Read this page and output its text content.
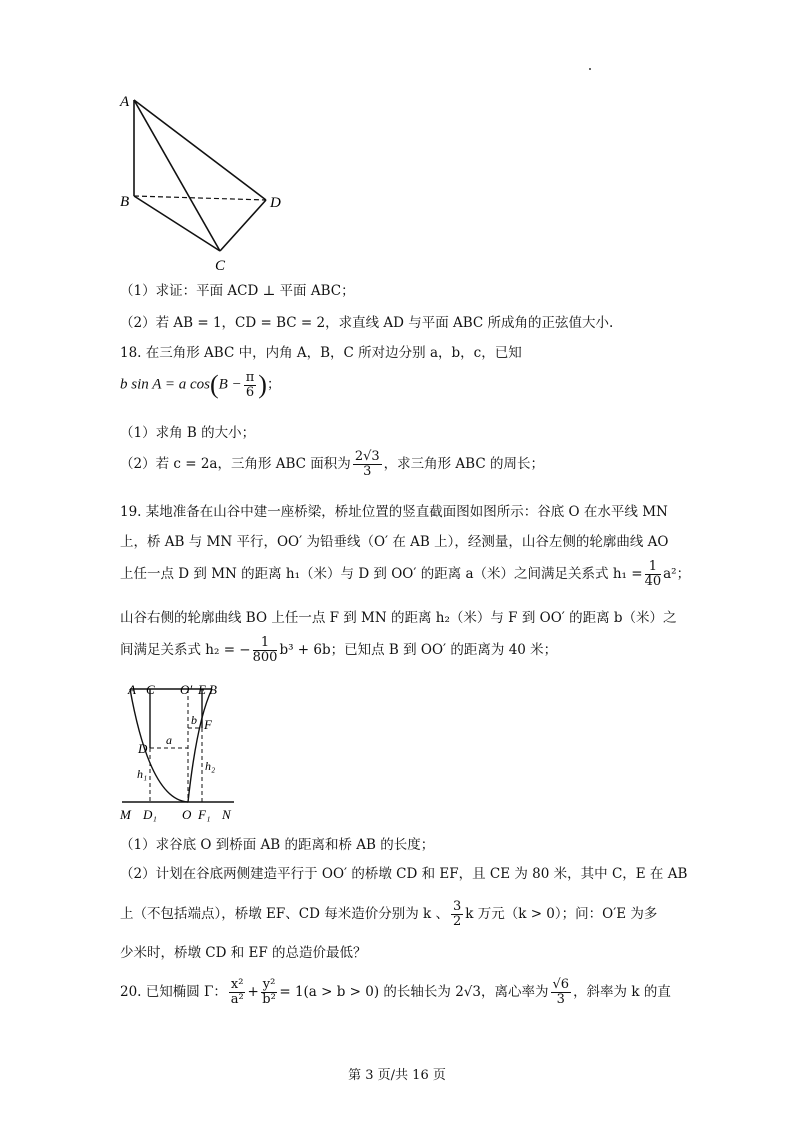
A
B
C
D
（1）求证：平面 ACD ⊥ 平面 ABC；
（2）若 AB = 1，CD = BC = 2，求直线 AD 与平面 ABC 所成角的正弦值大小.
18. 在三角形 ABC 中，内角 A，B，C 所对边分别 a，b，c，已知
b sin A = a $\cos(B - \frac{\pi}{6}$ )；
（1）求角 B 的大小；
（2）若 c = 2a，三角形 ABC 面积为 $\frac{2√3}{3}$ ，求三角形 ABC 的周长；
19. 某地准备在山谷中建一座桥梁，桥址位置的竖直截面图如图所示：谷底 O 在水平线 MN
上，桥 AB 与 MN 平行，OO′ 为铅垂线（O′ 在 AB 上），经测量，山谷左侧的轮廓曲线 AO
上任一点 D 到 MN 的距离 h₁（米）与 D 到 OO′ 的距离 a（米）之间满足关系式 $h_1 = \frac{1}{40} a^2$；
山谷右侧的轮廓曲线 BO 上任一点 F 到 MN 的距离 h₂（米）与 F 到 OO′ 的距离 b（米）之
间满足关系式 h₂ = − $\frac{1}{800} b^3 + 6b$；已知点 B 到 OO′ 的距离为 40 米；
A C O′ E B
D
F
a
b
h₁
h₂
M D₁ O F₁ N
（1）求谷底 O 到桥面 AB 的距离和桥 AB 的长度；
（2）计划在谷底两侧建造平行于 OO′ 的桥墩 CD 和 EF，且 CE 为 80 米，其中 C，E 在 AB
上（不包括端点），桥墩 EF、CD 每米造价分别为 k 、 $\frac{3}{2}$ k 万元（k > 0）；问：O′E 为多
少米时，桥墩 CD 和 EF 的总造价最低？
20. 已知椭圆 Γ： $\frac{\text{x²}}{\text{a²}} + \frac{\text{y²}}{\text{b²}} = 1(a > b > 0)$ 的长轴长为 2√3，离心率为 $\frac{√6}{3}$ ，斜率为 k 的直
第 3 页/共 16 页
